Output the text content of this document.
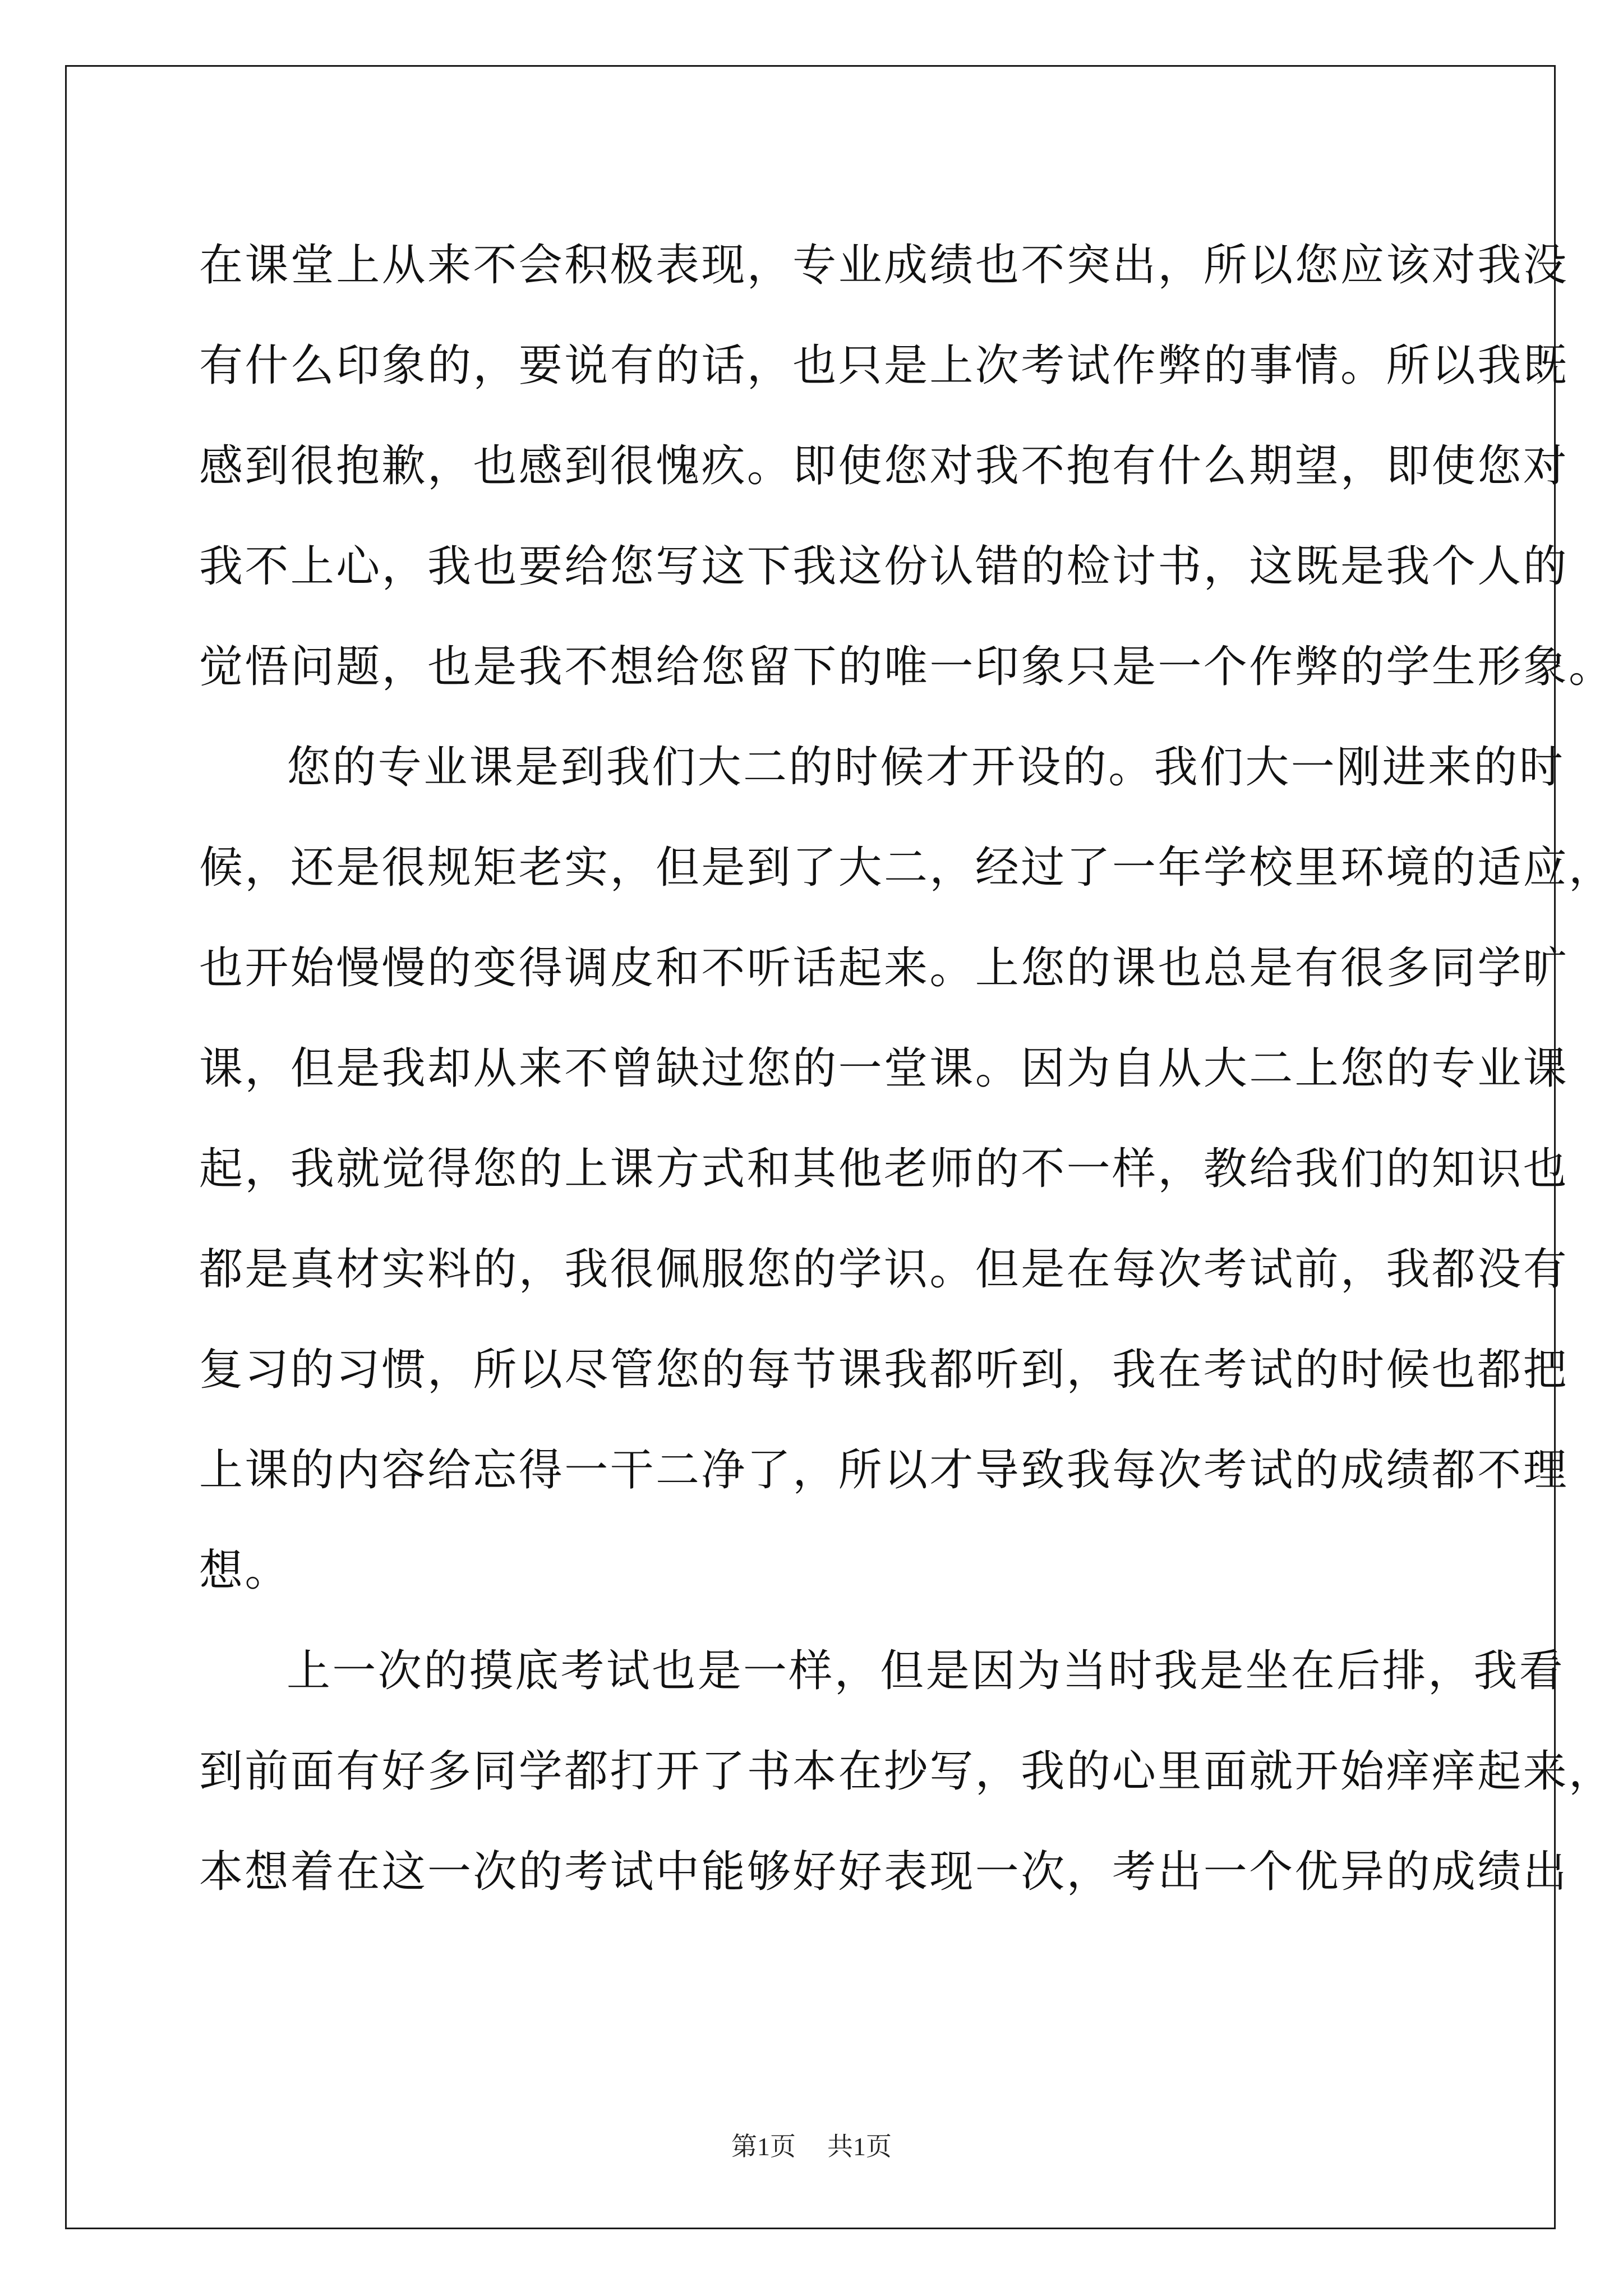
在课堂上从来不会积极表现，专业成绩也不突出，所以您应该对我没
有什么印象的，要说有的话，也只是上次考试作弊的事情。所以我既
感到很抱歉，也感到很愧疚。即使您对我不抱有什么期望，即使您对
我不上心，我也要给您写这下我这份认错的检讨书，这既是我个人的
觉悟问题，也是我不想给您留下的唯一印象只是一个作弊的学生形象。
您的专业课是到我们大二的时候才开设的。我们大一刚进来的时
候，还是很规矩老实，但是到了大二，经过了一年学校里环境的适应，
也开始慢慢的变得调皮和不听话起来。上您的课也总是有很多同学旷
课，但是我却从来不曾缺过您的一堂课。因为自从大二上您的专业课
起，我就觉得您的上课方式和其他老师的不一样，教给我们的知识也
都是真材实料的，我很佩服您的学识。但是在每次考试前，我都没有
复习的习惯，所以尽管您的每节课我都听到，我在考试的时候也都把
上课的内容给忘得一干二净了，所以才导致我每次考试的成绩都不理
想。
上一次的摸底考试也是一样，但是因为当时我是坐在后排，我看
到前面有好多同学都打开了书本在抄写，我的心里面就开始痒痒起来，
本想着在这一次的考试中能够好好表现一次，考出一个优异的成绩出
第1页 共1页
